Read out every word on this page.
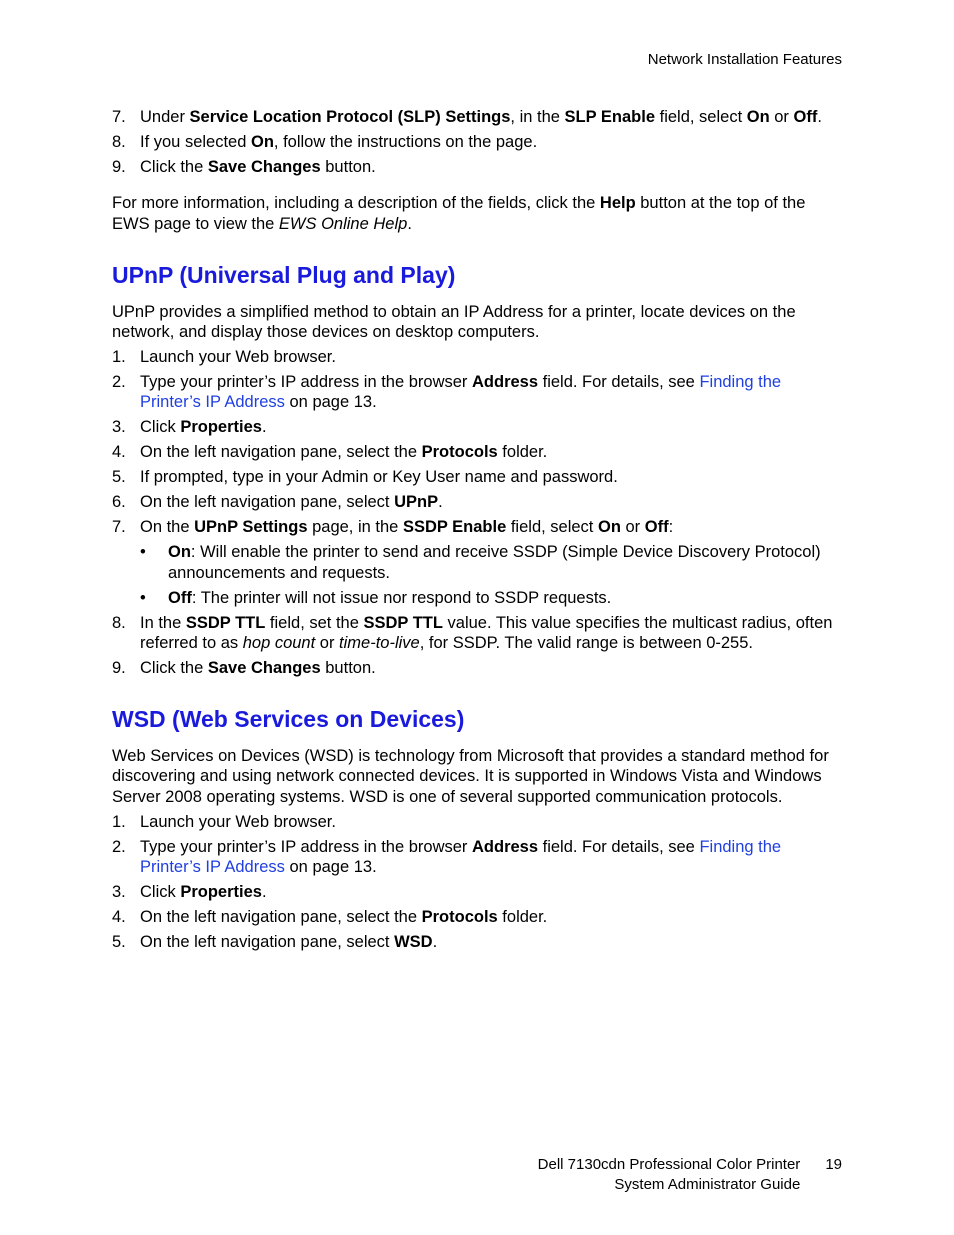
Network Installation Features
7. Under Service Location Protocol (SLP) Settings, in the SLP Enable field, select On or Off.
8. If you selected On, follow the instructions on the page.
9. Click the Save Changes button.

For more information, including a description of the fields, click the Help button at the top of the EWS page to view the EWS Online Help.

UPnP (Universal Plug and Play)

UPnP provides a simplified method to obtain an IP Address for a printer, locate devices on the network, and display those devices on desktop computers.

1. Launch your Web browser.
2. Type your printer’s IP address in the browser Address field. For details, see Finding the Printer’s IP Address on page 13.
3. Click Properties.
4. On the left navigation pane, select the Protocols folder.
5. If prompted, type in your Admin or Key User name and password.
6. On the left navigation pane, select UPnP.
7. On the UPnP Settings page, in the SSDP Enable field, select On or Off:
•	On: Will enable the printer to send and receive SSDP (Simple Device Discovery Protocol) announcements and requests.
•	Off: The printer will not issue nor respond to SSDP requests.
8. In the SSDP TTL field, set the SSDP TTL value. This value specifies the multicast radius, often referred to as hop count or time-to-live, for SSDP. The valid range is between 0-255.
9. Click the Save Changes button.
WSD (Web Services on Devices)

Web Services on Devices (WSD) is technology from Microsoft that provides a standard method for discovering and using network connected devices. It is supported in Windows Vista and Windows Server 2008 operating systems. WSD is one of several supported communication protocols.

1. Launch your Web browser.
2. Type your printer’s IP address in the browser Address field. For details, see Finding the Printer’s IP Address on page 13.
3. Click Properties.
4. On the left navigation pane, select the Protocols folder.
5. On the left navigation pane, select WSD.
Dell 7130cdn Professional Color Printer
System Administrator Guide
19
